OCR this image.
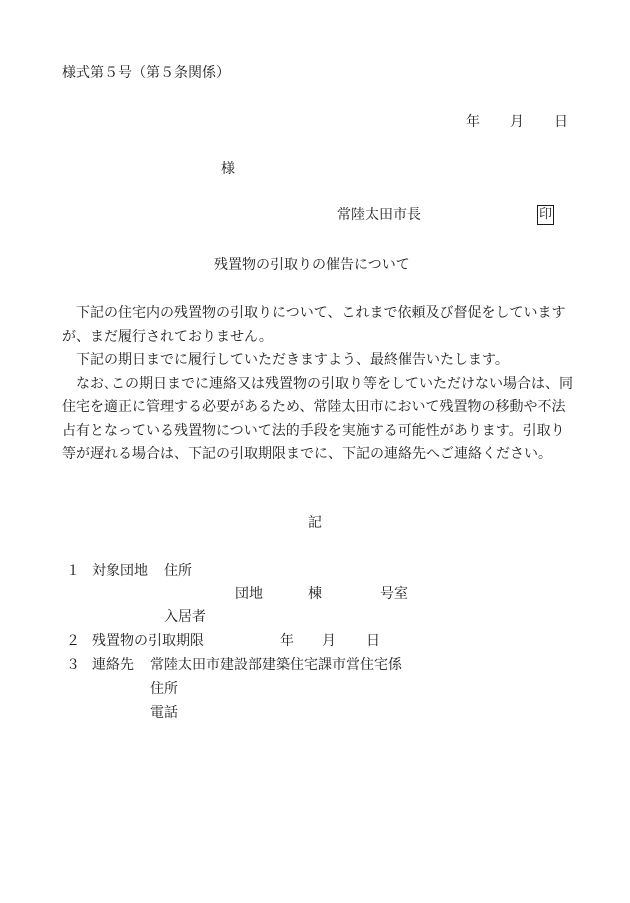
様式第５号（第５条関係）
年 月 日
様
常陸太田市長	印
残置物の引取りの催告について

下記の住宅内の残置物の引取りについて、これまで依頼及び督促をしていますが、まだ履行されておりません。

下記の期日までに履行していただきますよう、最終催告いたします。

なお､この期日までに連絡又は残置物の引取り等をしていただけない場合は、同住宅を適正に管理する必要があるため、常陸太田市において残置物の移動や不法占有となっている残置物について法的手段を実施する可能性があります。引取り等が遅れる場合は、下記の引取期限までに、下記の連絡先へご連絡ください。

記
１ 対象団地 住所
団地	棟	号室
入居者
２ 残置物の引取期限	年 月 日
３ 連絡先 常陸太田市建設部建築住宅課市営住宅係
住所
電話
